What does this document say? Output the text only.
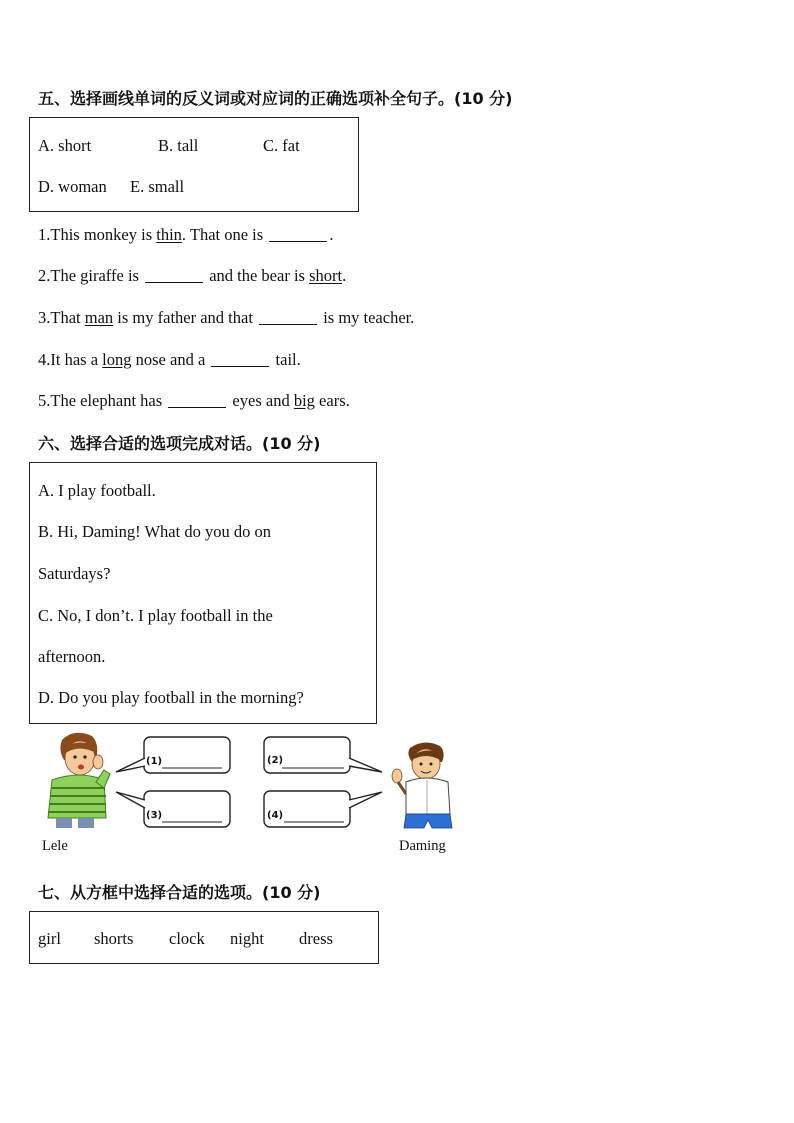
五、选择画线单词的反义词或对应词的正确选项补全句子。(10 分)
A. short	B. tall	C. fat
D. woman E. small
1.This monkey is thin. That one is	.
2.The giraffe is	and the bear is short.
3.That man is my father and that	is my teacher.
4.It has a long nose and a	tail.
5.The elephant has	eyes and big ears.
六、选择合适的选项完成对话。(10 分)
A. I play football.
B. Hi, Daming! What do you do on
Saturdays?
C. No, I don’t. I play football in the
afternoon.
D. Do you play football in the morning?
(1)	(2)
(3)	(4)
Lele	Daming
七、从方框中选择合适的选项。(10 分)
girl shorts clock night dress
